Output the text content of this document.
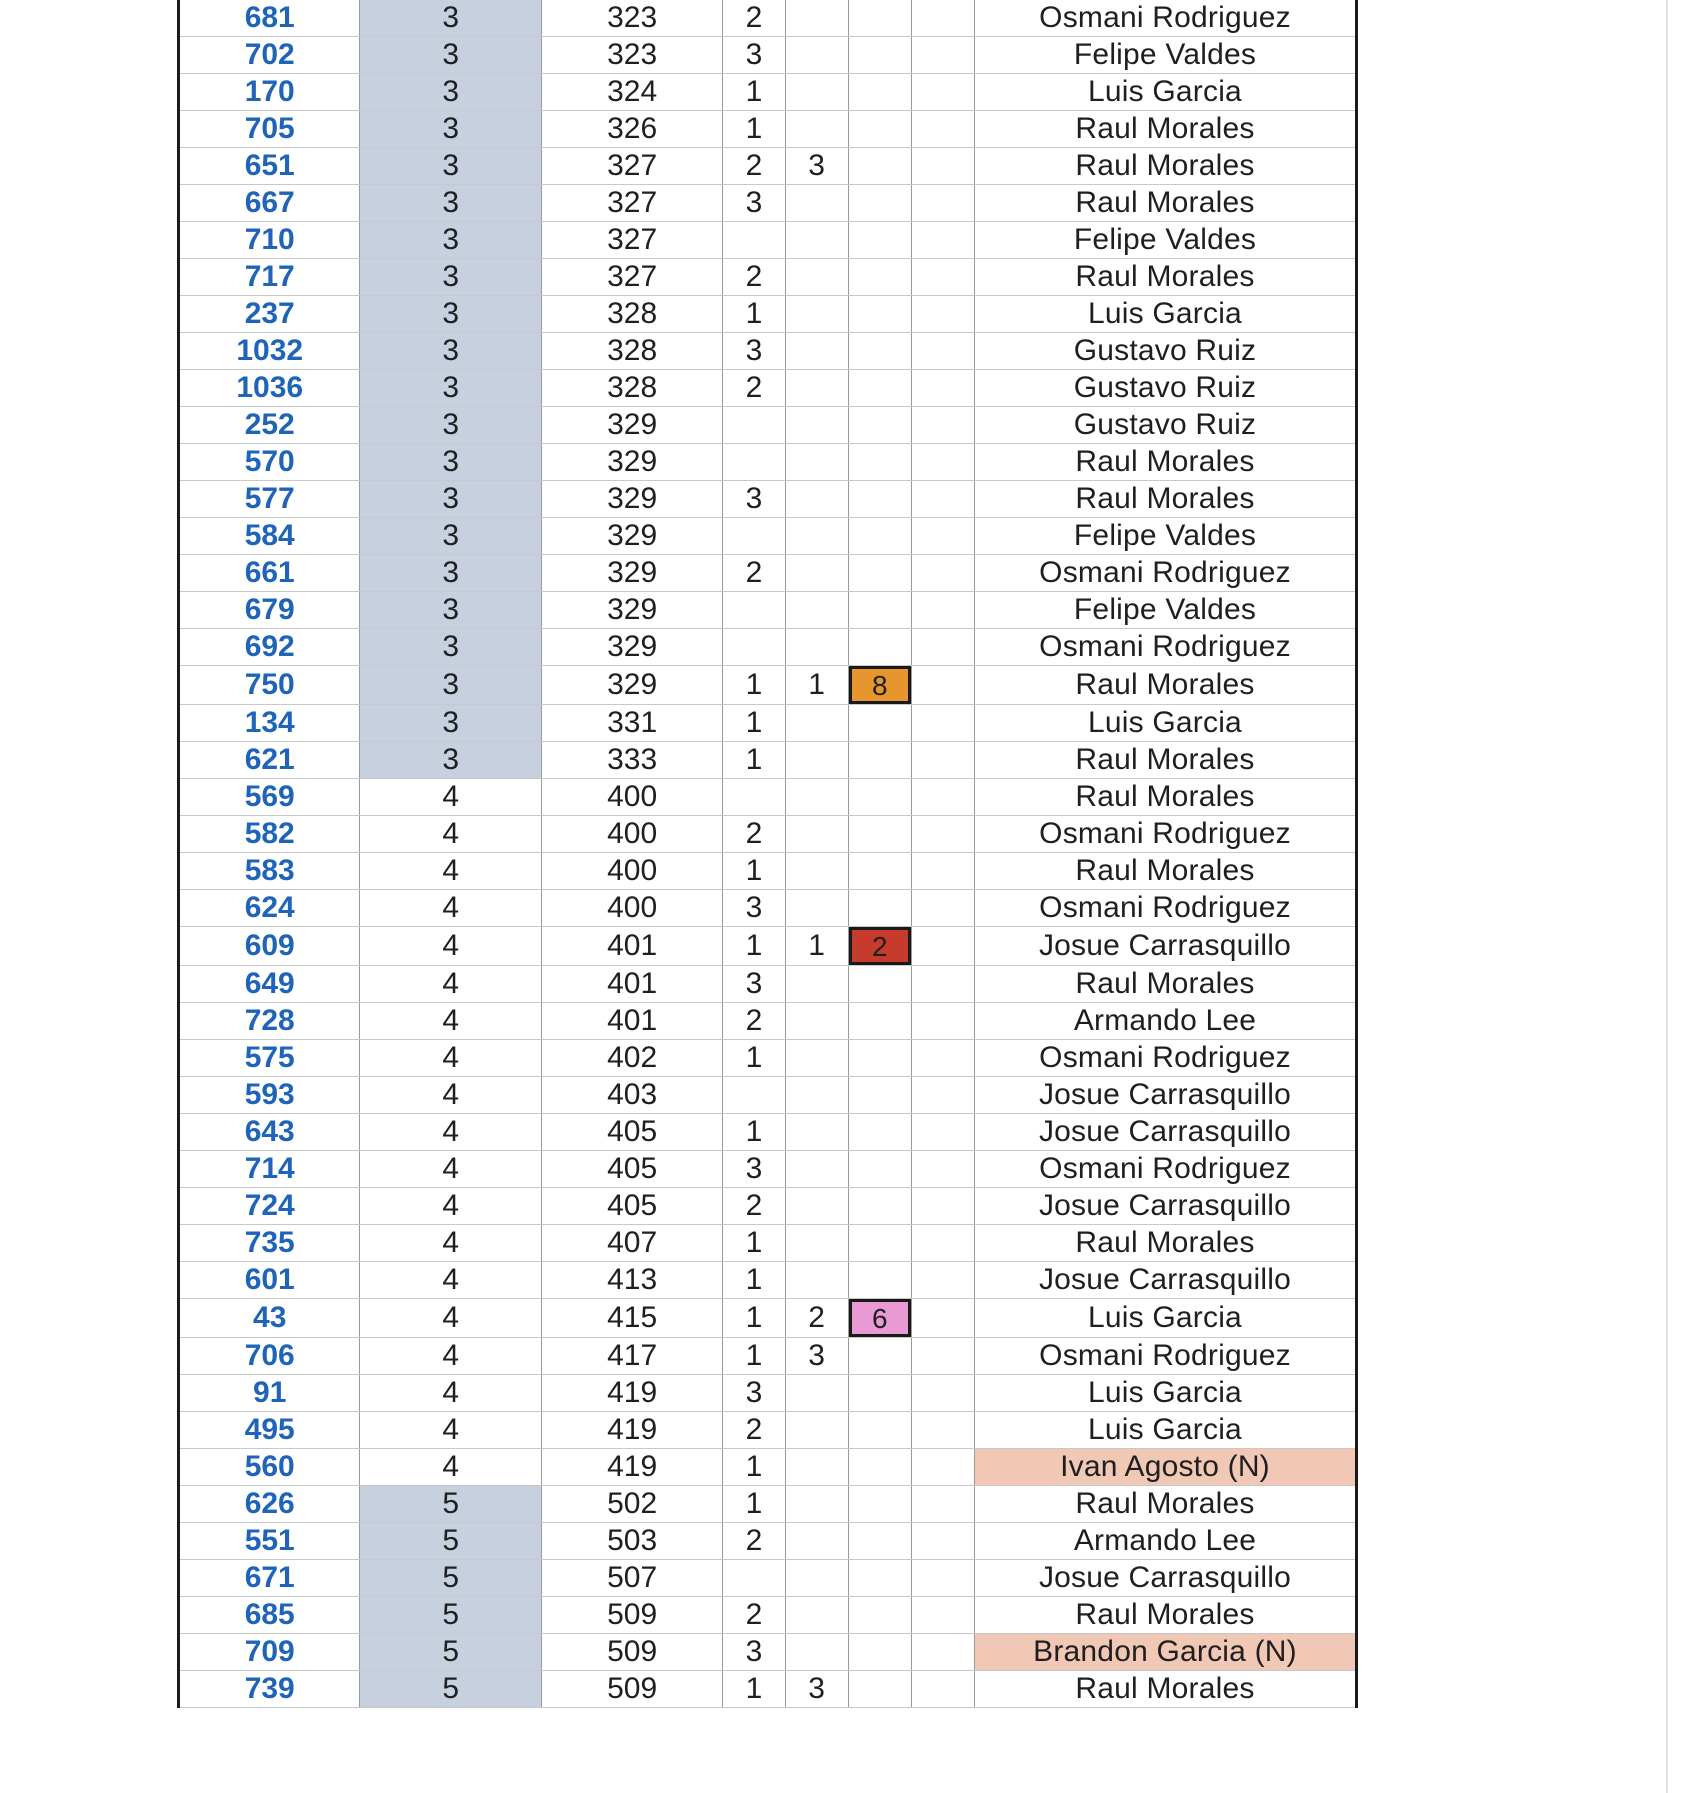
681	3	323	2				Osmani Rodriguez
702	3	323	3				Felipe Valdes
170	3	324	1				Luis Garcia
705	3	326	1				Raul Morales
651	3	327	2	3			Raul Morales
667	3	327	3				Raul Morales
710	3	327					Felipe Valdes
717	3	327	2				Raul Morales
237	3	328	1				Luis Garcia
1032	3	328	3				Gustavo Ruiz
1036	3	328	2				Gustavo Ruiz
252	3	329					Gustavo Ruiz
570	3	329					Raul Morales
577	3	329	3				Raul Morales
584	3	329					Felipe Valdes
661	3	329	2				Osmani Rodriguez
679	3	329					Felipe Valdes
692	3	329					Osmani Rodriguez
750	3	329	1	1	8		Raul Morales
134	3	331	1				Luis Garcia
621	3	333	1				Raul Morales
569	4	400					Raul Morales
582	4	400	2				Osmani Rodriguez
583	4	400	1				Raul Morales
624	4	400	3				Osmani Rodriguez
609	4	401	1	1	2		Josue Carrasquillo
649	4	401	3				Raul Morales
728	4	401	2				Armando Lee
575	4	402	1				Osmani Rodriguez
593	4	403					Josue Carrasquillo
643	4	405	1				Josue Carrasquillo
714	4	405	3				Osmani Rodriguez
724	4	405	2				Josue Carrasquillo
735	4	407	1				Raul Morales
601	4	413	1				Josue Carrasquillo
43	4	415	1	2	6		Luis Garcia
706	4	417	1	3			Osmani Rodriguez
91	4	419	3				Luis Garcia
495	4	419	2				Luis Garcia
560	4	419	1				Ivan Agosto (N)
626	5	502	1				Raul Morales
551	5	503	2				Armando Lee
671	5	507					Josue Carrasquillo
685	5	509	2				Raul Morales
709	5	509	3				Brandon Garcia (N)
739	5	509	1	3			Raul Morales
